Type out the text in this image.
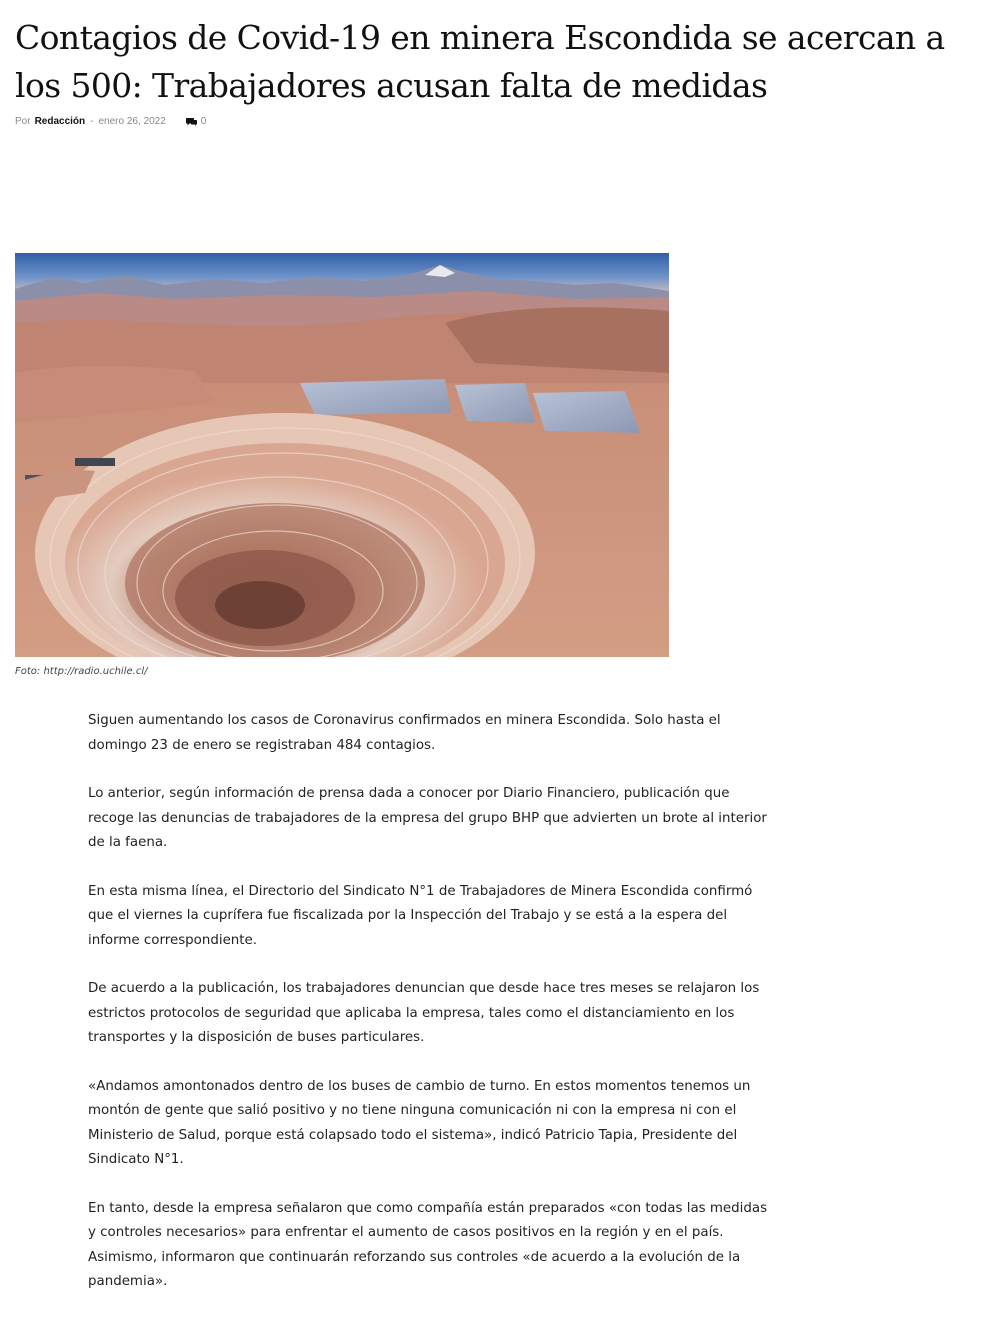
Contagios de Covid-19 en minera Escondida se acercan a los 500: Trabajadores acusan falta de medidas
Por Redacción - enero 26, 2022	0
Foto: http://radio.uchile.cl/

Siguen aumentando los casos de Coronavirus confirmados en minera Escondida. Solo hasta el domingo 23 de enero se registraban 484 contagios.

Lo anterior, según información de prensa dada a conocer por Diario Financiero, publicación que recoge las denuncias de trabajadores de la empresa del grupo BHP que advierten un brote al interior de la faena.

En esta misma línea, el Directorio del Sindicato N°1 de Trabajadores de Minera Escondida confirmó que el viernes la cuprífera fue fiscalizada por la Inspección del Trabajo y se está a la espera del informe correspondiente.

De acuerdo a la publicación, los trabajadores denuncian que desde hace tres meses se relajaron los estrictos protocolos de seguridad que aplicaba la empresa, tales como el distanciamiento en los transportes y la disposición de buses particulares.

«Andamos amontonados dentro de los buses de cambio de turno. En estos momentos tenemos un montón de gente que salió positivo y no tiene ninguna comunicación ni con la empresa ni con el Ministerio de Salud, porque está colapsado todo el sistema», indicó Patricio Tapia, Presidente del Sindicato N°1.

En tanto, desde la empresa señalaron que como compañía están preparados «con todas las medidas y controles necesarios» para enfrentar el aumento de casos positivos en la región y en el país. Asimismo, informaron que continuarán reforzando sus controles «de acuerdo a la evolución de la pandemia».
